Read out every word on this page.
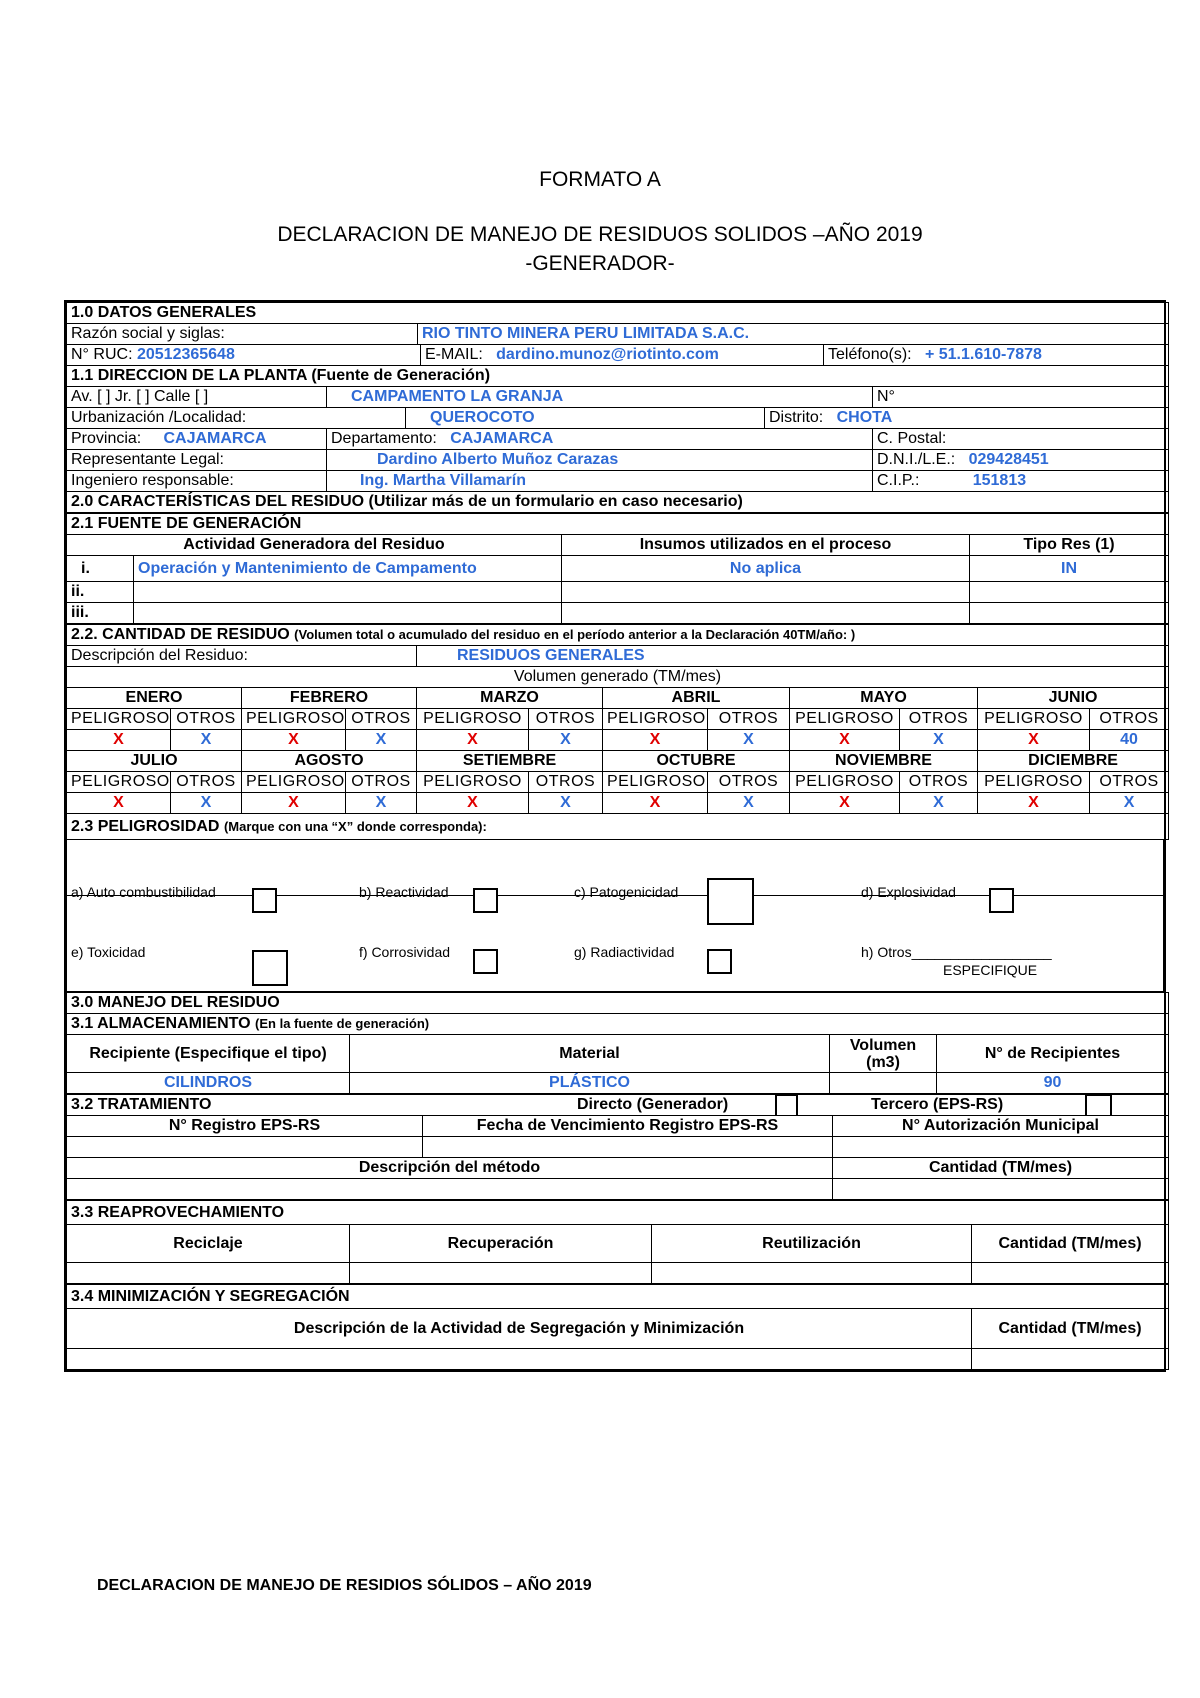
FORMATO A
DECLARACION DE MANEJO DE RESIDUOS SOLIDOS –AÑO 2019
-GENERADOR-
1.0 DATOS GENERALES							
Razón social y siglas:			RIO TINTO MINERA PERU LIMITADA S.A.C.				
N° RUC: 20512365648				E-MAIL: dardino.munoz@riotinto.com		Teléfono(s): + 51.1.610-7878	
1.1 DIRECCION DE LA PLANTA (Fuente de Generación)							
Av. [ ] Jr. [ ] Calle [ ]	CAMPAMENTO LA GRANJA						N°
Urbanización /Localidad:		QUEROCOTO			Distrito: CHOTA		
Provincia: CAJAMARCA	Departamento: CAJAMARCA						C. Postal:
Representante Legal:	Dardino Alberto Muñoz Carazas						D.N.I./L.E.: 029428451
Ingeniero responsable:	Ing. Martha Villamarín						C.I.P.: 151813
2.0 CARACTERÍSTICAS DEL RESIDUO (Utilizar más de un formulario en caso necesario)							
2.1 FUENTE DE GENERACIÓN			
Actividad Generadora del Residuo		Insumos utilizados en el proceso	Tipo Res (1)
i.	Operación y Mantenimiento de Campamento	No aplica	IN
ii.			
iii.			
2.2. CANTIDAD DE RESIDUO (Volumen total o acumulado del residuo en el período anterior a la Declaración 40TM/año: )											
Descripción del Residuo:				RESIDUOS GENERALES							
Volumen generado (TM/mes)											
ENERO		FEBRERO		MARZO		ABRIL		MAYO		JUNIO	
PELIGROSO	OTROS	PELIGROSO	OTROS	PELIGROSO	OTROS	PELIGROSO	OTROS	PELIGROSO	OTROS	PELIGROSO	OTROS
X	X	X	X	X	X	X	X	X	X	X	40
JULIO		AGOSTO		SETIEMBRE		OCTUBRE		NOVIEMBRE		DICIEMBRE	
PELIGROSO	OTROS	PELIGROSO	OTROS	PELIGROSO	OTROS	PELIGROSO	OTROS	PELIGROSO	OTROS	PELIGROSO	OTROS
X	X	X	X	X	X	X	X	X	X	X	X
2.3 PELIGROSIDAD (Marque con una “X” donde corresponda):											
a) Auto combustibilidad	b) Reactividad	c) Patogenicidad	d) Explosividad
e) Toxicidad	f) Corrosividad	g) Radiactividad	h) Otros__________________
ESPECIFIQUE
3.0 MANEJO DEL RESIDUO			
3.1 ALMACENAMIENTO (En la fuente de generación)			
Recipiente (Especifique el tipo)	Material	Volumen (m3)	N° de Recipientes
CILINDROS	PLÁSTICO		90
3.2 TRATAMIENTO Directo (Generador) Tercero (EPS-RS)		

N° Registro EPS-RS	Fecha de Vencimiento Registro EPS-RS	N° Autorización Municipal

Descripción del método		Cantidad (TM/mes)

3.3 REAPROVECHAMIENTO			
Reciclaje	Recuperación	Reutilización	Cantidad (TM/mes)

3.4 MINIMIZACIÓN Y SEGREGACIÓN	
Descripción de la Actividad de Segregación y Minimización	Cantidad (TM/mes)

DECLARACION DE MANEJO DE RESIDIOS SÓLIDOS – AÑO 2019
